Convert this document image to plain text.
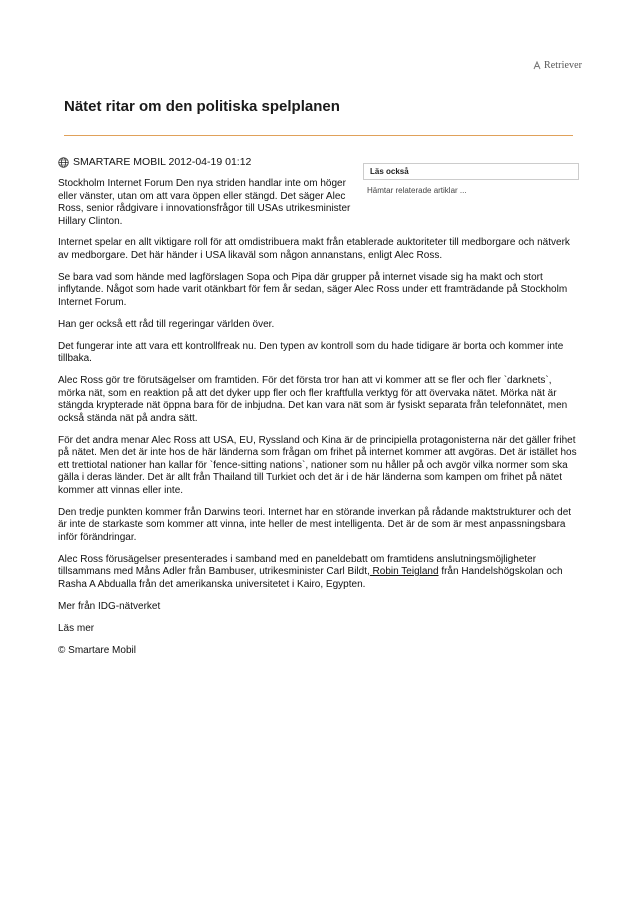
Retriever
Nätet ritar om den politiska spelplanen
SMARTARE MOBIL 2012-04-19 01:12

Stockholm Internet Forum Den nya striden handlar inte om höger eller vänster, utan om att vara öppen eller stängd. Det säger Alec Ross, senior rådgivare i innovationsfrågor till USAs utrikesminister Hillary Clinton.

Läs också
Hämtar relaterade artiklar ...

Internet spelar en allt viktigare roll för att omdistribuera makt från etablerade auktoriteter till medborgare och nätverk av medborgare. Det här händer i USA likaväl som någon annanstans, enligt Alec Ross.

Se bara vad som hände med lagförslagen Sopa och Pipa där grupper på internet visade sig ha makt och stort inflytande. Något som hade varit otänkbart för fem år sedan, säger Alec Ross under ett framträdande på Stockholm Internet Forum.

Han ger också ett råd till regeringar världen över.

Det fungerar inte att vara ett kontrollfreak nu. Den typen av kontroll som du hade tidigare är borta och kommer inte tillbaka.

Alec Ross gör tre förutsägelser om framtiden. För det första tror han att vi kommer att se fler och fler `darknets`, mörka nät, som en reaktion på att det dyker upp fler och fler kraftfulla verktyg för att övervaka nätet. Mörka nät är stängda krypterade nät öppna bara för de inbjudna. Det kan vara nät som är fysiskt separata från telefonnätet, men också stända nät på andra sätt.

För det andra menar Alec Ross att USA, EU, Ryssland och Kina är de principiella protagonisterna när det gäller frihet på nätet. Men det är inte hos de här länderna som frågan om frihet på internet kommer att avgöras. Det är istället hos ett trettiotal nationer han kallar för `fence-sitting nations`, nationer som nu håller på och avgör vilka normer som ska gälla i deras länder. Det är allt från Thailand till Turkiet och det är i de här länderna som kampen om frihet på nätet kommer att vinnas eller inte.

Den tredje punkten kommer från Darwins teori. Internet har en störande inverkan på rådande maktstrukturer och det är inte de starkaste som kommer att vinna, inte heller de mest intelligenta. Det är de som är mest anpassningsbara inför förändringar.

Alec Ross förusägelser presenterades i samband med en paneldebatt om framtidens anslutningsmöjligheter tillsammans med Måns Adler från Bambuser, utrikesminister Carl Bildt, Robin Teigland från Handelshögskolan och Rasha A Abdualla från det amerikanska universitetet i Kairo, Egypten.

Mer från IDG-nätverket

Läs mer

© Smartare Mobil
